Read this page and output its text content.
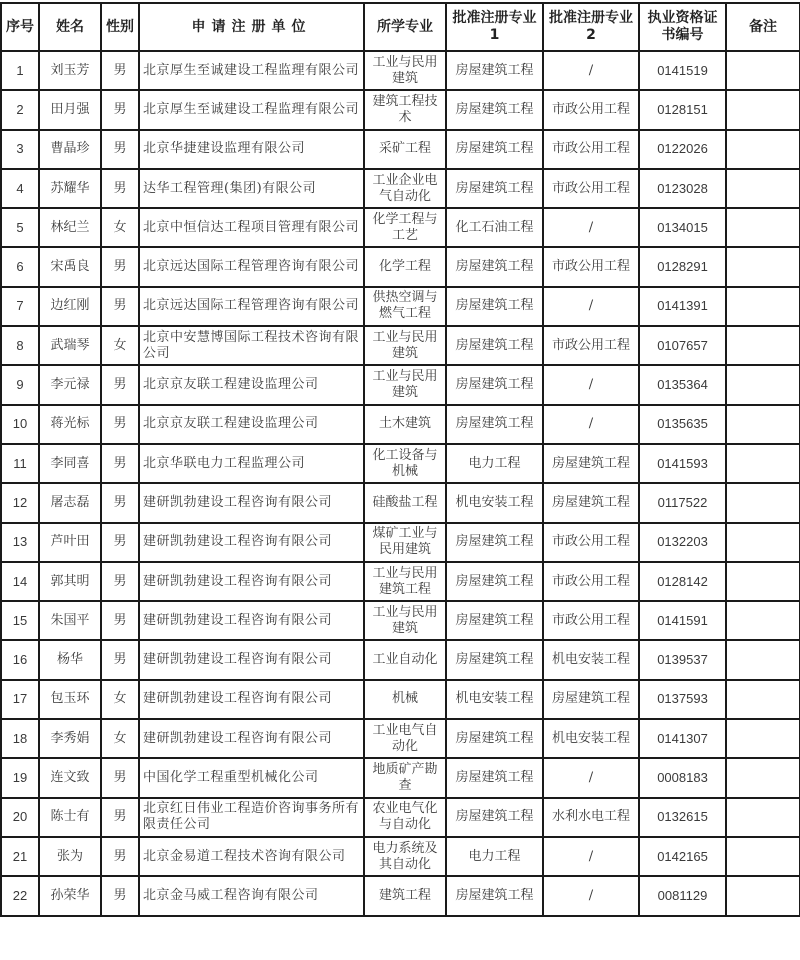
序号	姓名	性别	申请注册单位	所学专业	批准注册专业1	批准注册专业2	执业资格证书编号	备注
1	刘玉芳	男	北京厚生至诚建设工程监理有限公司	工业与民用建筑	房屋建筑工程	/	0141519	
2	田月强	男	北京厚生至诚建设工程监理有限公司	建筑工程技术	房屋建筑工程	市政公用工程	0128151	
3	曹晶珍	男	北京华捷建设监理有限公司	采矿工程	房屋建筑工程	市政公用工程	0122026	
4	苏耀华	男	达华工程管理(集团)有限公司	工业企业电气自动化	房屋建筑工程	市政公用工程	0123028	
5	林纪兰	女	北京中恒信达工程项目管理有限公司	化学工程与工艺	化工石油工程	/	0134015	
6	宋禹良	男	北京远达国际工程管理咨询有限公司	化学工程	房屋建筑工程	市政公用工程	0128291	
7	边红刚	男	北京远达国际工程管理咨询有限公司	供热空调与燃气工程	房屋建筑工程	/	0141391	
8	武瑞琴	女	北京中安慧博国际工程技术咨询有限公司	工业与民用建筑	房屋建筑工程	市政公用工程	0107657	
9	李元禄	男	北京京友联工程建设监理公司	工业与民用建筑	房屋建筑工程	/	0135364	
10	蒋光标	男	北京京友联工程建设监理公司	土木建筑	房屋建筑工程	/	0135635	
11	李同喜	男	北京华联电力工程监理公司	化工设备与机械	电力工程	房屋建筑工程	0141593	
12	屠志磊	男	建研凯勃建设工程咨询有限公司	硅酸盐工程	机电安装工程	房屋建筑工程	0117522	
13	芦叶田	男	建研凯勃建设工程咨询有限公司	煤矿工业与民用建筑	房屋建筑工程	市政公用工程	0132203	
14	郭其明	男	建研凯勃建设工程咨询有限公司	工业与民用建筑工程	房屋建筑工程	市政公用工程	0128142	
15	朱国平	男	建研凯勃建设工程咨询有限公司	工业与民用建筑	房屋建筑工程	市政公用工程	0141591	
16	杨华	男	建研凯勃建设工程咨询有限公司	工业自动化	房屋建筑工程	机电安装工程	0139537	
17	包玉环	女	建研凯勃建设工程咨询有限公司	机械	机电安装工程	房屋建筑工程	0137593	
18	李秀娟	女	建研凯勃建设工程咨询有限公司	工业电气自动化	房屋建筑工程	机电安装工程	0141307	
19	连文致	男	中国化学工程重型机械化公司	地质矿产勘查	房屋建筑工程	/	0008183	
20	陈士有	男	北京红日伟业工程造价咨询事务所有限责任公司	农业电气化与自动化	房屋建筑工程	水利水电工程	0132615	
21	张为	男	北京金易道工程技术咨询有限公司	电力系统及其自动化	电力工程	/	0142165	
22	孙荣华	男	北京金马威工程咨询有限公司	建筑工程	房屋建筑工程	/	0081129	
